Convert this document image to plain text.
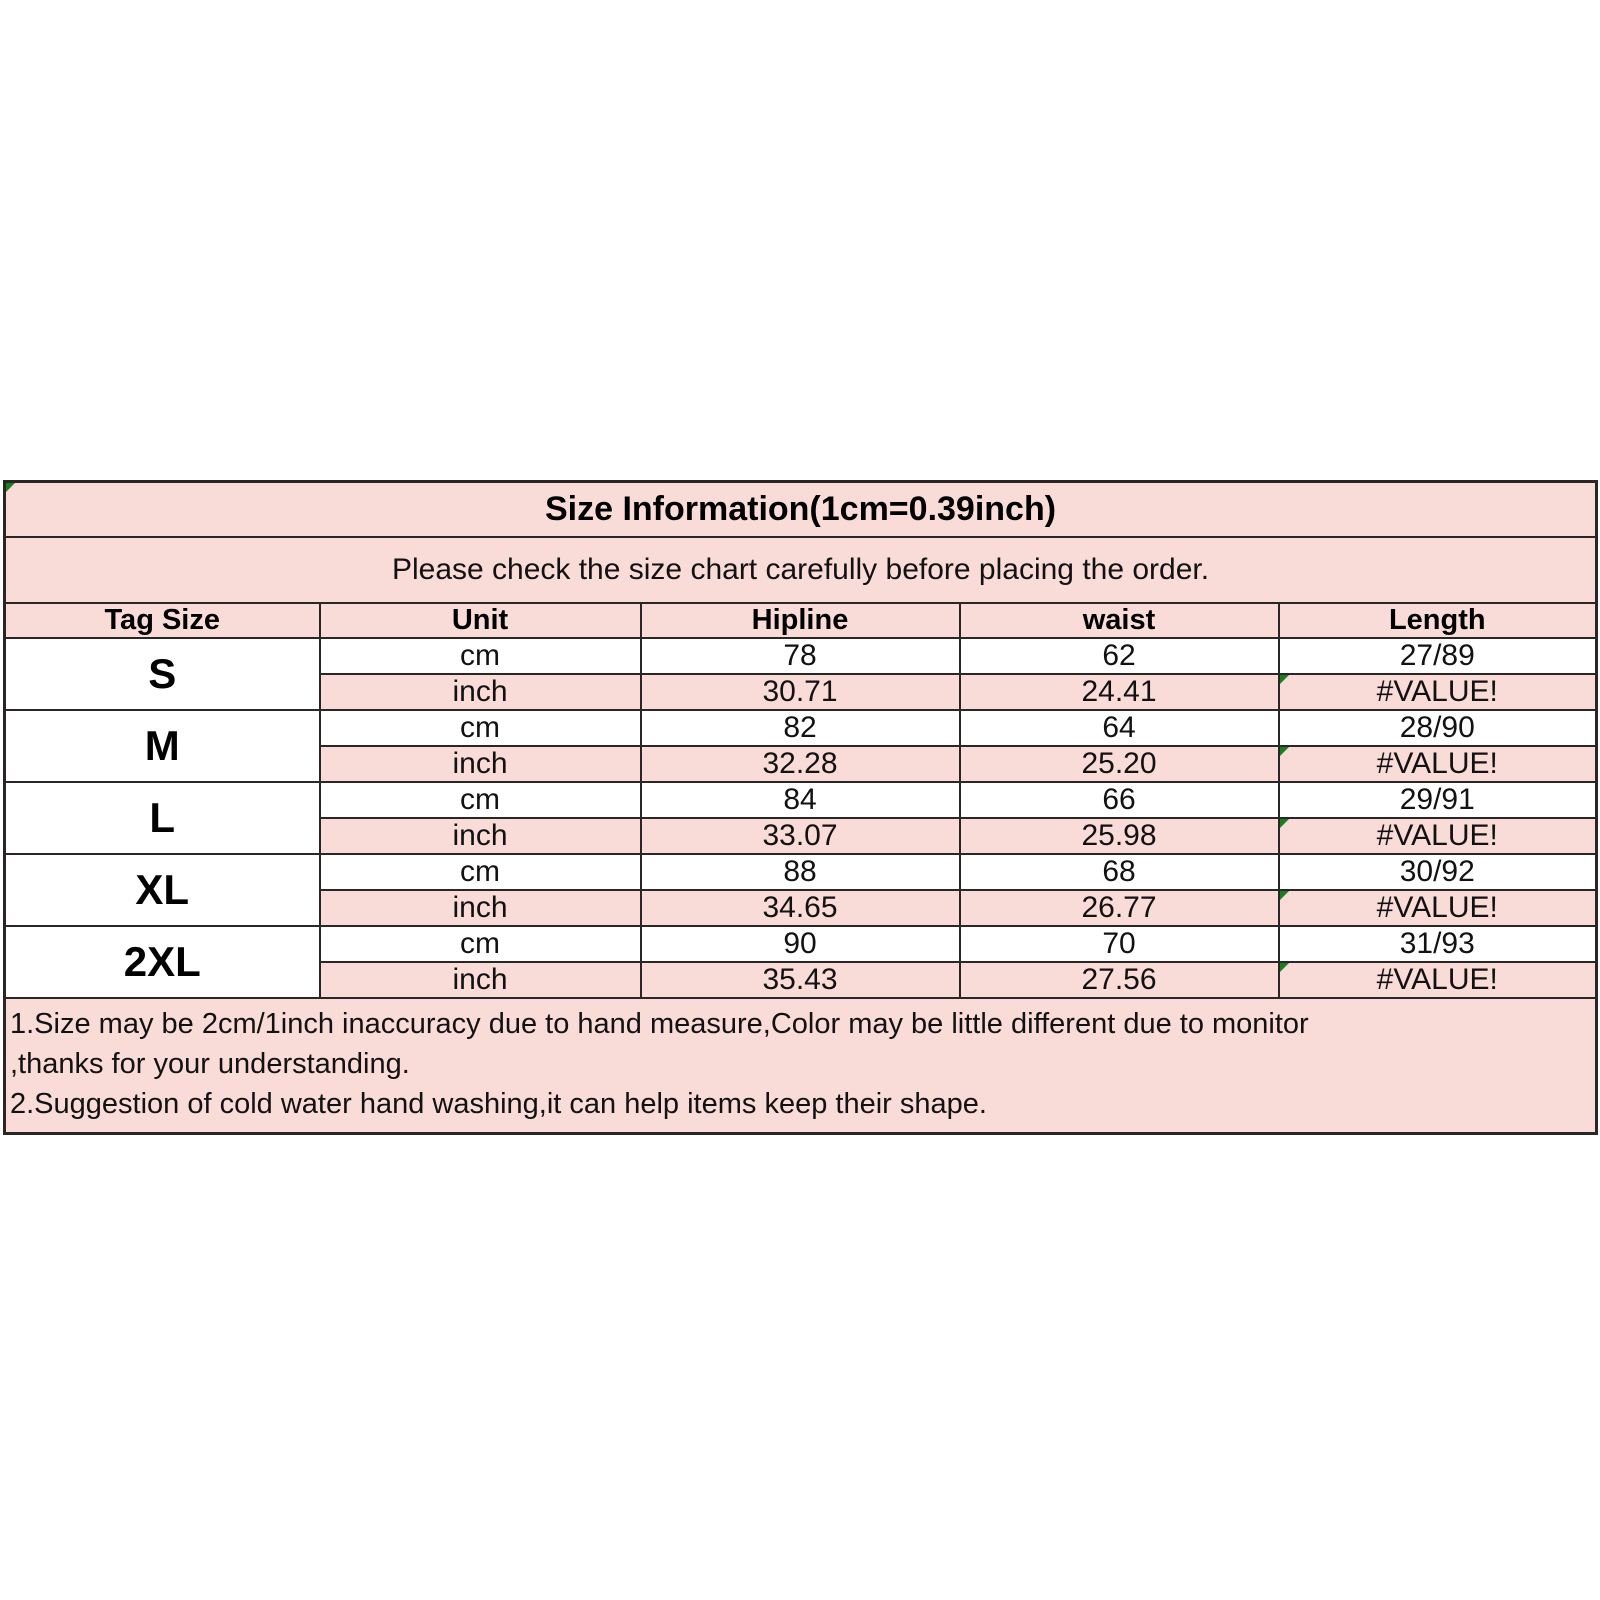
Size Information(1cm=0.39inch)				
Please check the size chart carefully before placing the order.				
Tag Size	Unit	Hipline	waist	Length
S	cm	78	62	27/89
	inch	30.71	24.41	#VALUE!
M	cm	82	64	28/90
	inch	32.28	25.20	#VALUE!
L	cm	84	66	29/91
	inch	33.07	25.98	#VALUE!
XL	cm	88	68	30/92
	inch	34.65	26.77	#VALUE!
2XL	cm	90	70	31/93
	inch	35.43	27.56	#VALUE!

1.Size may be 2cm/1inch inaccuracy due to hand measure,Color may be little different due to monitor
,thanks for your understanding.
2.Suggestion of cold water hand washing,it can help items keep their shape.				
